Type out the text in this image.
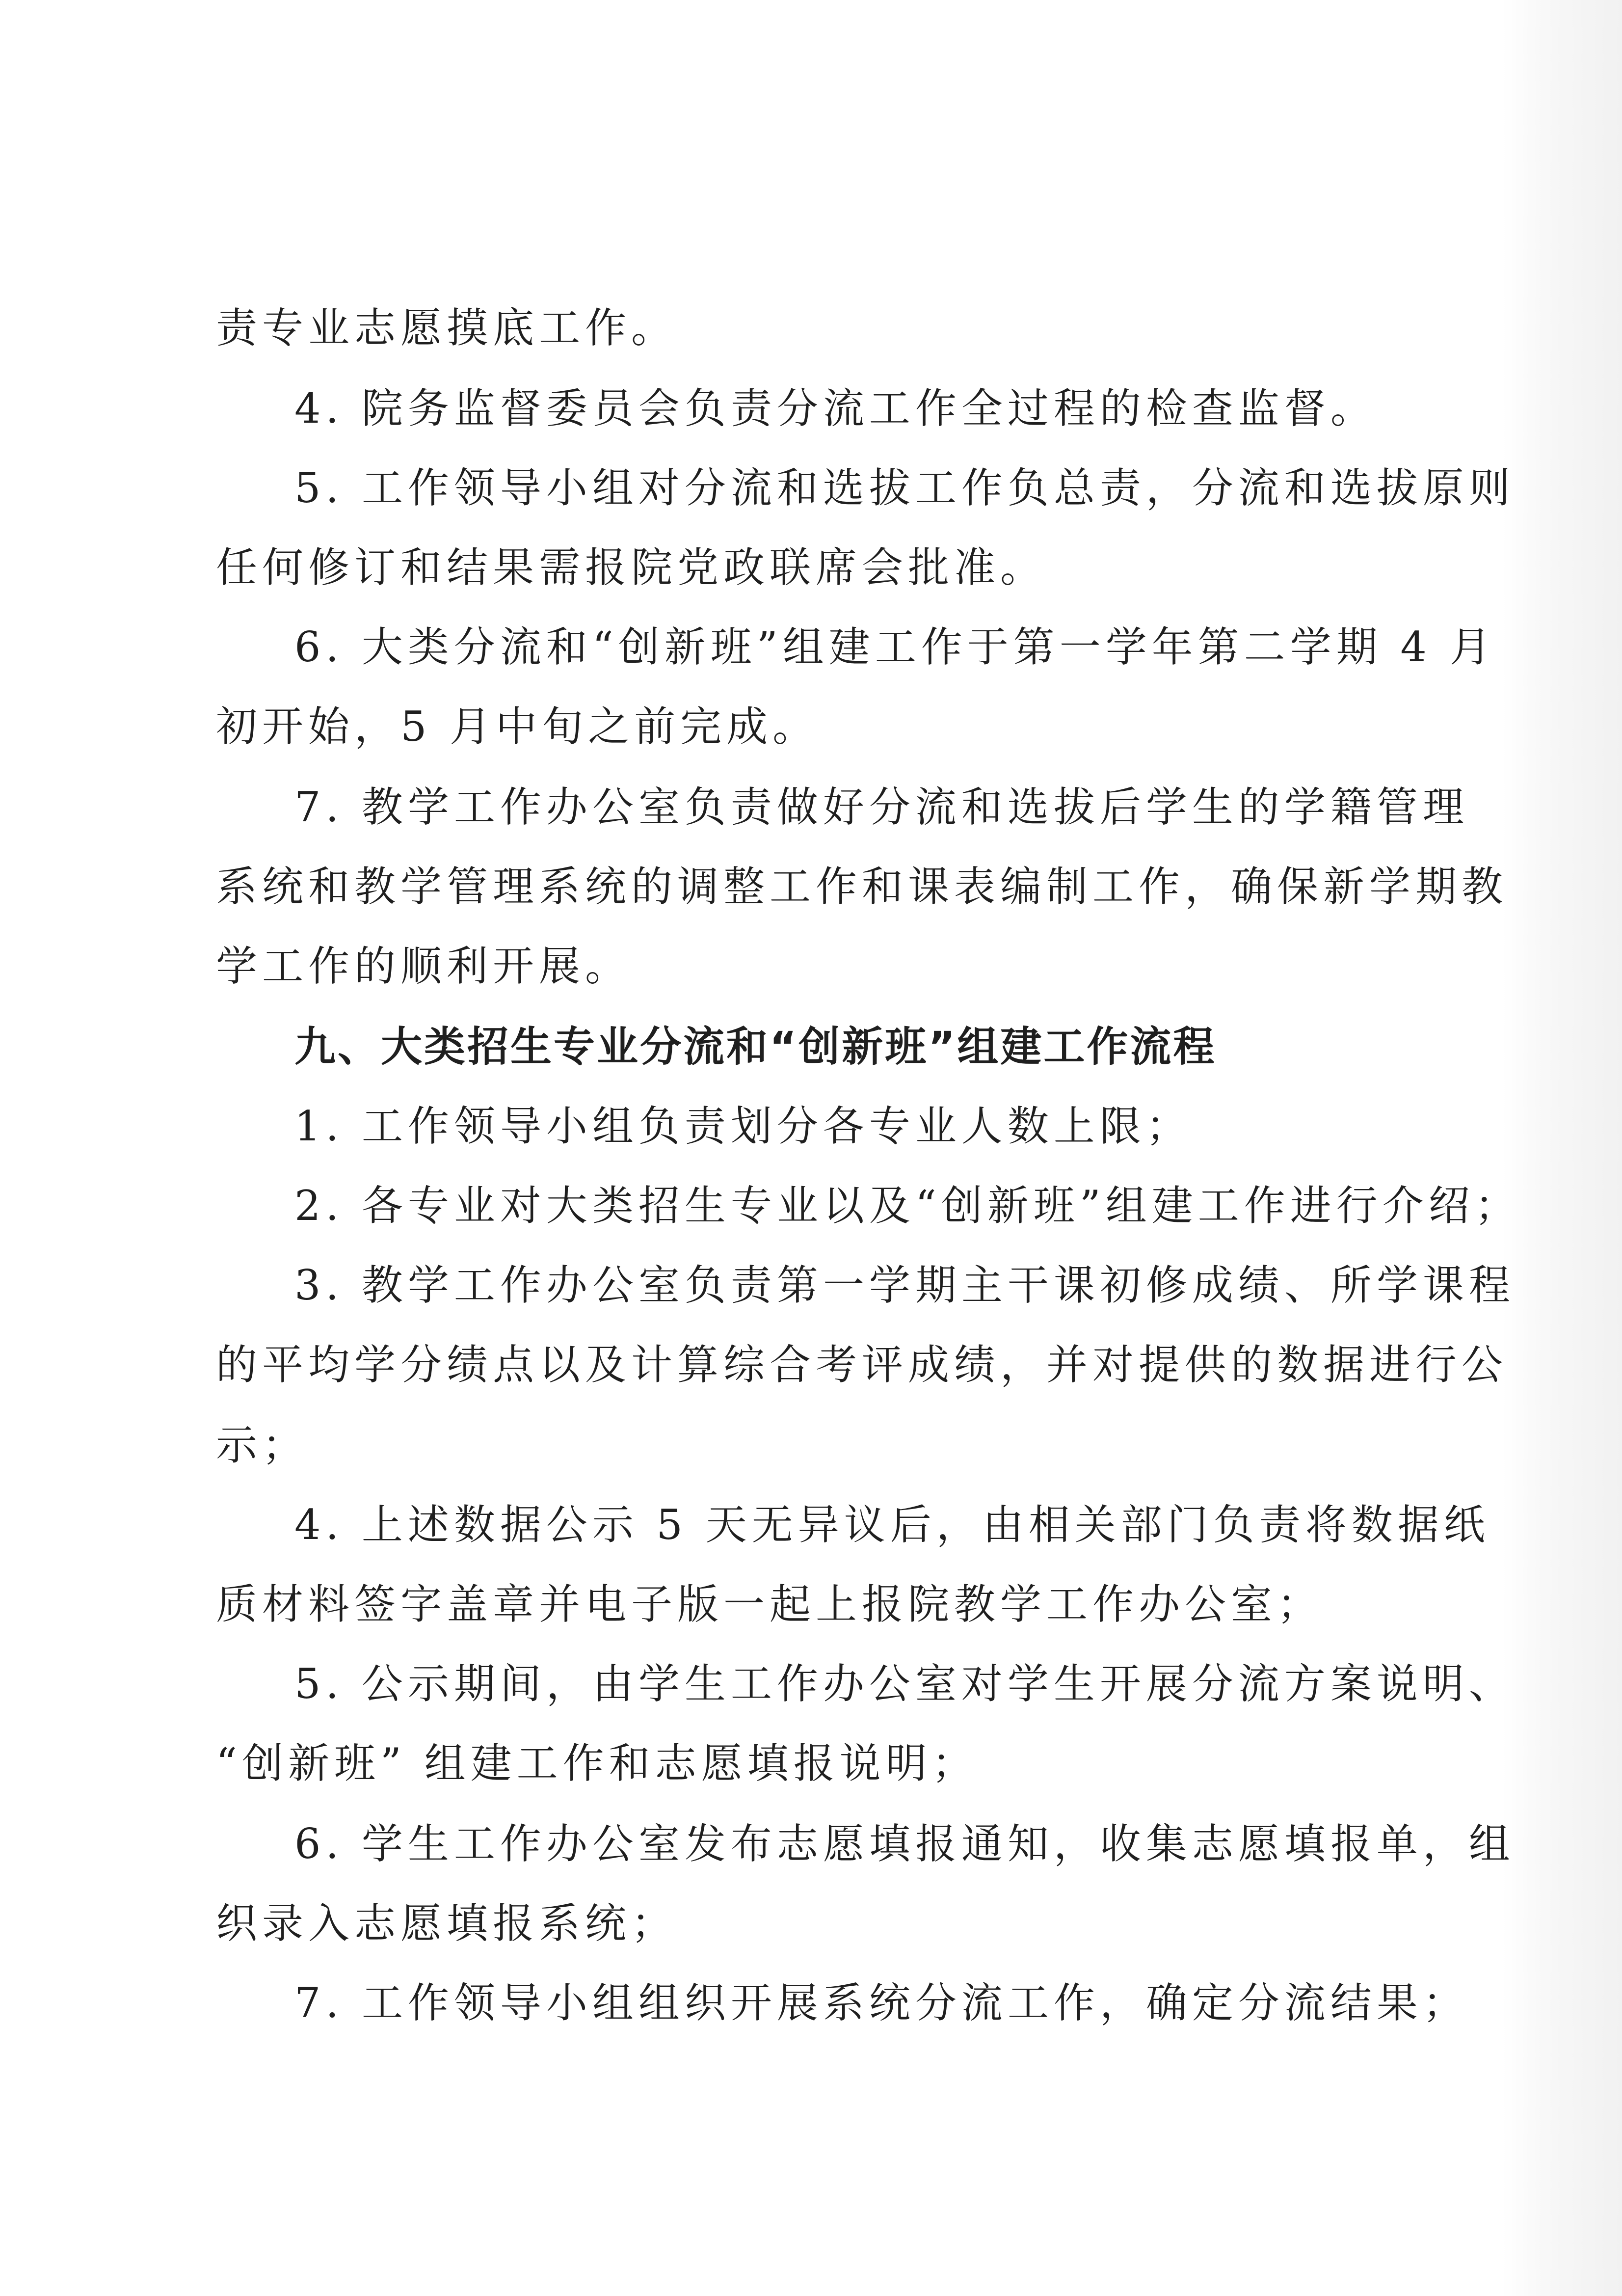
责专业志愿摸底工作。
4. 院务监督委员会负责分流工作全过程的检查监督。
5. 工作领导小组对分流和选拔工作负总责，分流和选拔原则
任何修订和结果需报院党政联席会批准。
6. 大类分流和“创新班”组建工作于第一学年第二学期 4 月
初开始，5 月中旬之前完成。
7. 教学工作办公室负责做好分流和选拔后学生的学籍管理
系统和教学管理系统的调整工作和课表编制工作，确保新学期教
学工作的顺利开展。
九、大类招生专业分流和“创新班”组建工作流程
1. 工作领导小组负责划分各专业人数上限；
2. 各专业对大类招生专业以及“创新班”组建工作进行介绍；
3. 教学工作办公室负责第一学期主干课初修成绩、所学课程
的平均学分绩点以及计算综合考评成绩，并对提供的数据进行公
示；
4. 上述数据公示 5 天无异议后，由相关部门负责将数据纸
质材料签字盖章并电子版一起上报院教学工作办公室；
5. 公示期间，由学生工作办公室对学生开展分流方案说明、
“创新班” 组建工作和志愿填报说明；
6. 学生工作办公室发布志愿填报通知，收集志愿填报单，组
织录入志愿填报系统；
7. 工作领导小组组织开展系统分流工作，确定分流结果；
